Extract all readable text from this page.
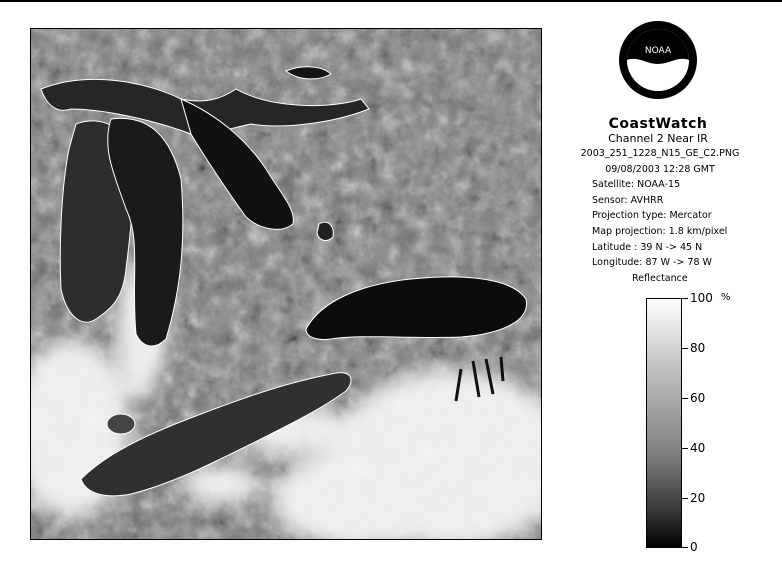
NOAA
CoastWatch
Channel 2 Near IR
2003_251_1228_N15_GE_C2.PNG
09/08/2003 12:28 GMT
Satellite: NOAA-15
Sensor: AVHRR
Projection type: Mercator
Map projection: 1.8 km/pixel
Latitude : 39 N -> 45 N
Longitude: 87 W -> 78 W
Reflectance
%
100
80
60
40
20
0
